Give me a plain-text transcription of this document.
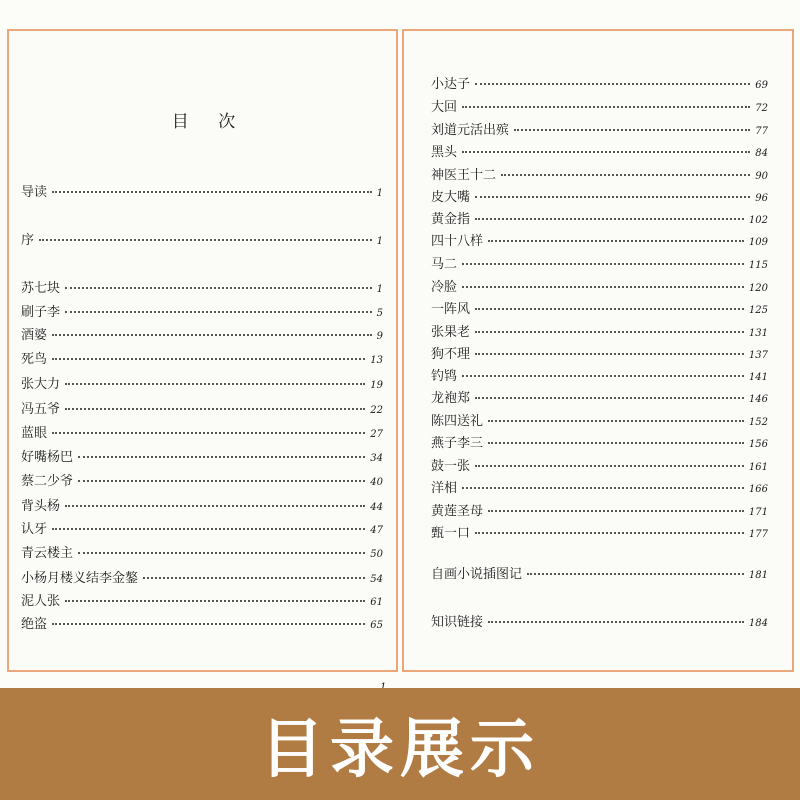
目 次
导读	1
序	1
苏七块	1
刷子李	5
酒婆	9
死鸟	13
张大力	19
冯五爷	22
蓝眼	27
好嘴杨巴	34
蔡二少爷	40
背头杨	44
认牙	47
青云楼主	50
小杨月楼义结李金鏊	54
泥人张	61
绝盗	65
小达子	69
大回	72
刘道元活出殡	77
黑头	84
神医王十二	90
皮大嘴	96
黄金指	102
四十八样	109
马二	115
冷脸	120
一阵风	125
张果老	131
狗不理	137
钓鸨	141
龙袍郑	146
陈四送礼	152
燕子李三	156
鼓一张	161
洋相	166
黄莲圣母	171
甄一口	177
自画小说插图记	181
知识链接	184
目录展示
